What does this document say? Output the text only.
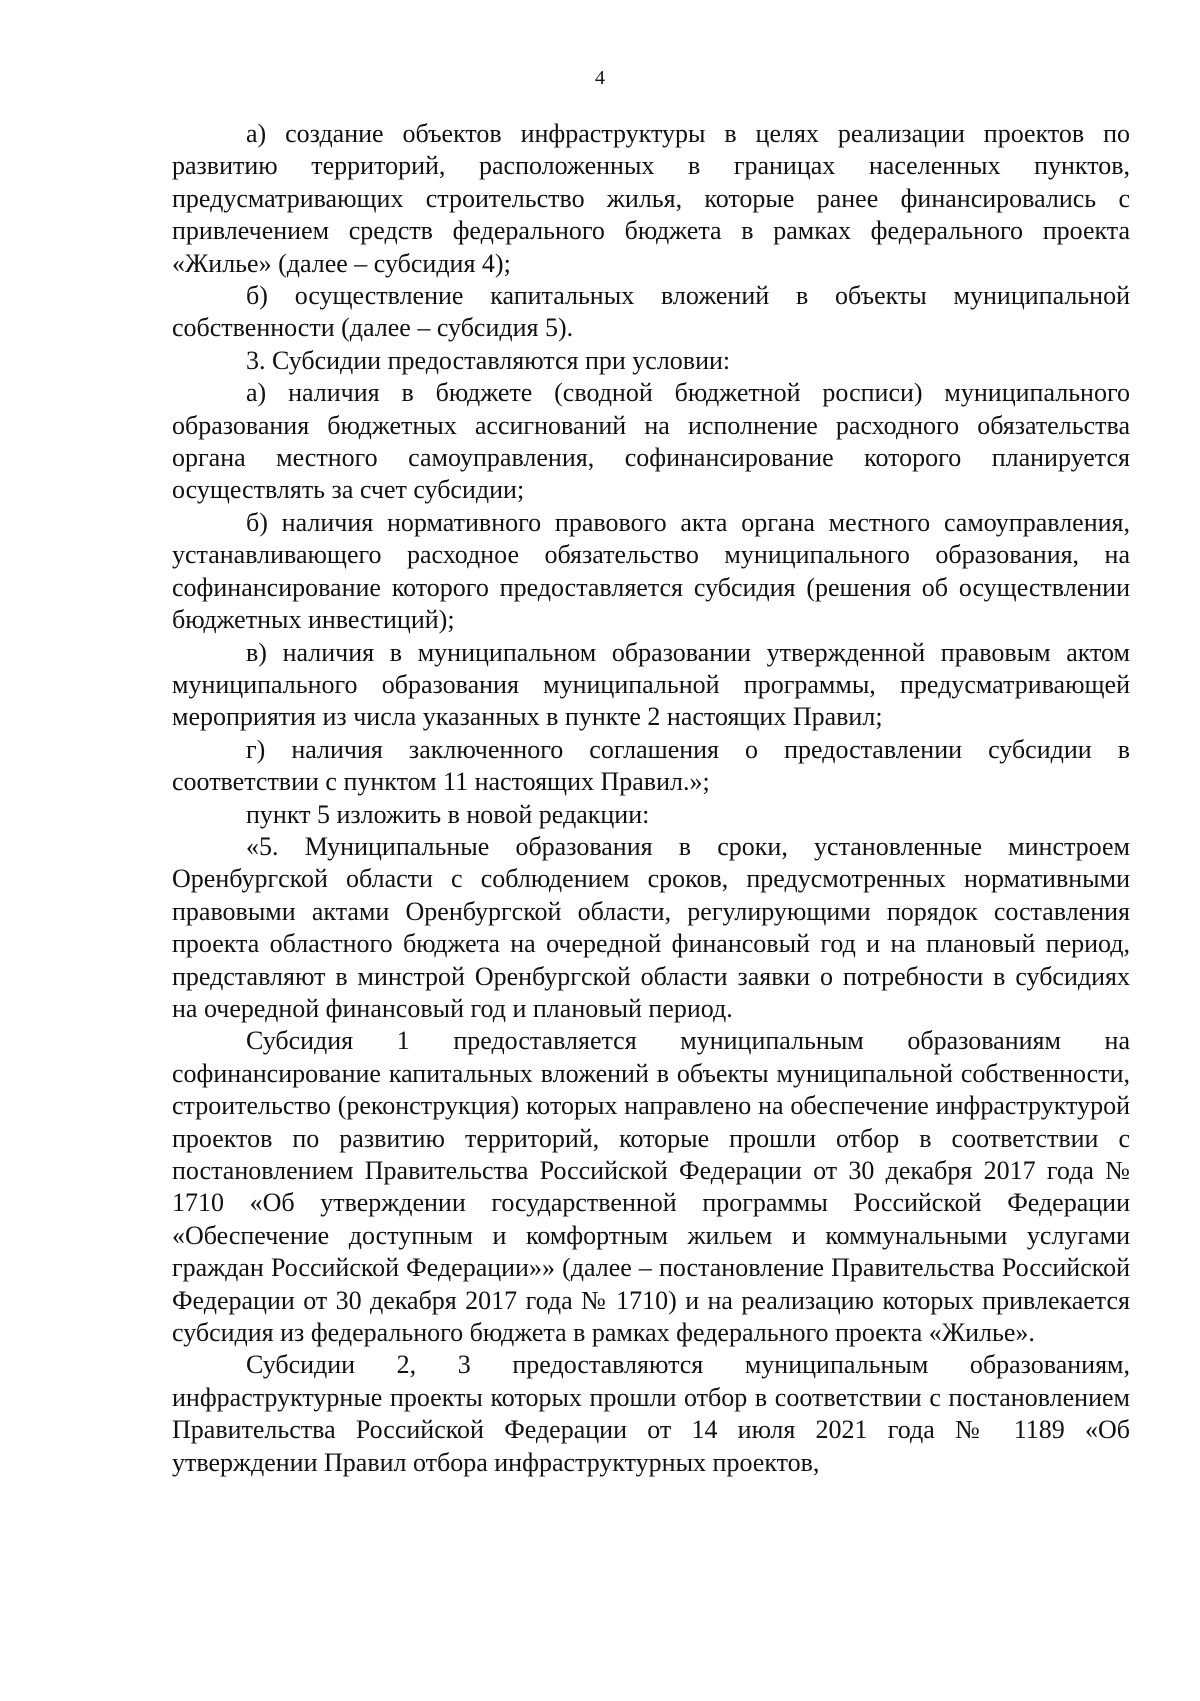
4

а) создание объектов инфраструктуры в целях реализации проектов по развитию территорий, расположенных в границах населенных пунктов, предусматривающих строительство жилья, которые ранее финансировались с привлечением средств федерального бюджета в рамках федерального проекта «Жилье» (далее – субсидия 4);

б) осуществление капитальных вложений в объекты муниципальной собственности (далее – субсидия 5).

3. Субсидии предоставляются при условии:

а) наличия в бюджете (сводной бюджетной росписи) муниципального образования бюджетных ассигнований на исполнение расходного обязательства органа местного самоуправления, софинансирование которого планируется осуществлять за счет субсидии;

б) наличия нормативного правового акта органа местного самоуправления, устанавливающего расходное обязательство муниципального образования, на софинансирование которого предоставляется субсидия (решения об осуществлении бюджетных инвестиций);

в) наличия в муниципальном образовании утвержденной правовым актом муниципального образования муниципальной программы, предусматривающей мероприятия из числа указанных в пункте 2 настоящих Правил;

г) наличия заключенного соглашения о предоставлении субсидии в соответствии с пунктом 11 настоящих Правил.»;

пункт 5 изложить в новой редакции:

«5. Муниципальные образования в сроки, установленные минстроем Оренбургской области с соблюдением сроков, предусмотренных нормативными правовыми актами Оренбургской области, регулирующими порядок составления проекта областного бюджета на очередной финансовый год и на плановый период, представляют в минстрой Оренбургской области заявки о потребности в субсидиях на очередной финансовый год и плановый период.

Субсидия 1 предоставляется муниципальным образованиям на софинансирование капитальных вложений в объекты муниципальной собственности, строительство (реконструкция) которых направлено на обеспечение инфраструктурой проектов по развитию территорий, которые прошли отбор в соответствии с постановлением Правительства Российской Федерации от 30 декабря 2017 года № 1710 «Об утверждении государственной программы Российской Федерации «Обеспечение доступным и комфортным жильем и коммунальными услугами граждан Российской Федерации»» (далее – постановление Правительства Российской Федерации от 30 декабря 2017 года № 1710) и на реализацию которых привлекается субсидия из федерального бюджета в рамках федерального проекта «Жилье».

Субсидии 2, 3 предоставляются муниципальным образованиям, инфраструктурные проекты которых прошли отбор в соответствии с постановлением Правительства Российской Федерации от 14 июля 2021 года № 1189 «Об утверждении Правил отбора инфраструктурных проектов,
